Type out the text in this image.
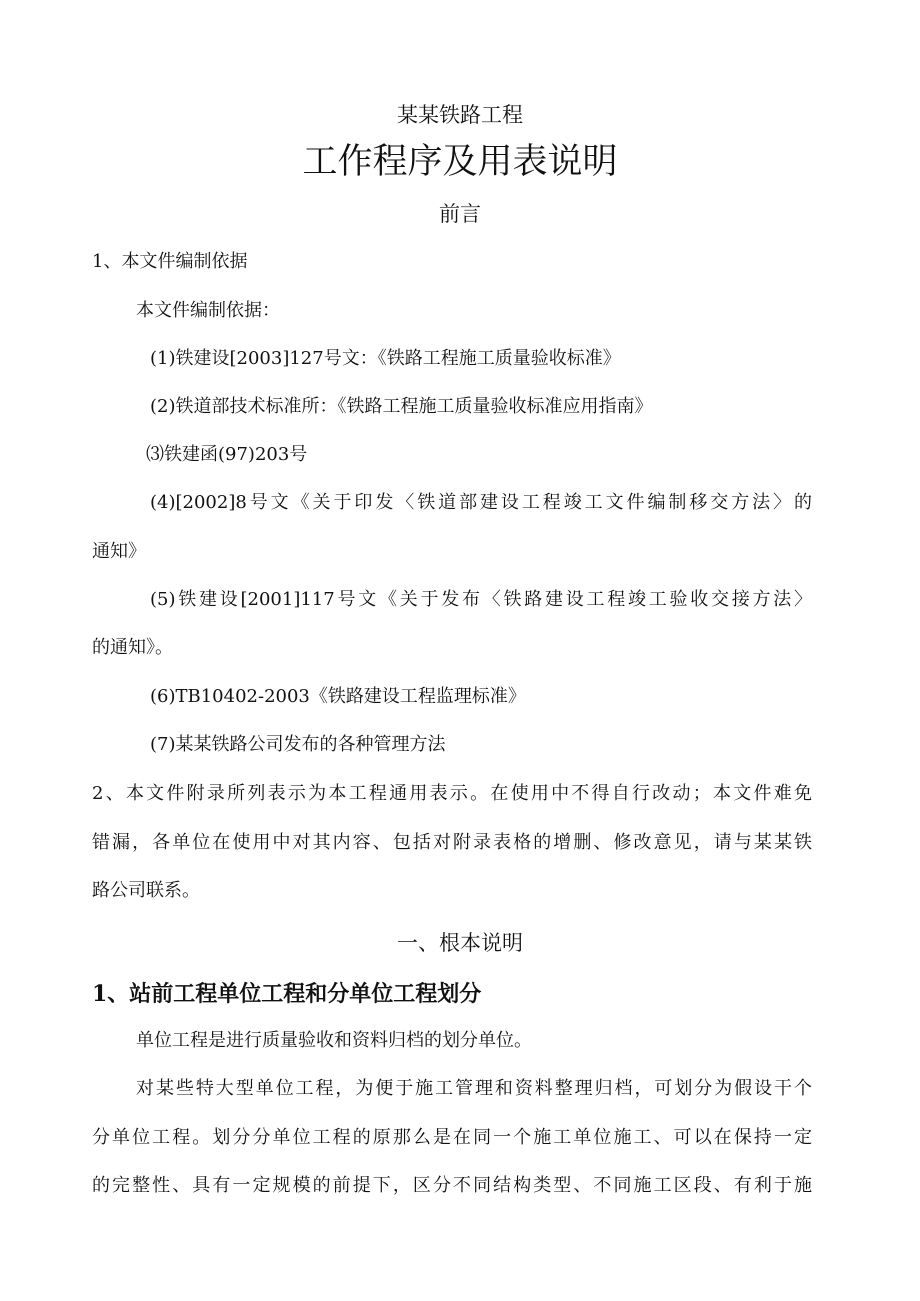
某某铁路工程
工作程序及用表说明
前言
1、本文件编制依据
本文件编制依据：
(1)铁建设[2003]127号文：《铁路工程施工质量验收标准》
(2)铁道部技术标准所：《铁路工程施工质量验收标准应用指南》
⑶铁建函(97)203号
(4)[2002]8号文《关于印发〈铁道部建设工程竣工文件编制移交方法〉的
通知》
(5)铁建设[2001]117号文《关于发布〈铁路建设工程竣工验收交接方法〉
的通知》。
(6)TB10402-2003《铁路建设工程监理标准》
(7)某某铁路公司发布的各种管理方法
2、本文件附录所列表示为本工程通用表示。在使用中不得自行改动；本文件难免
错漏，各单位在使用中对其内容、包括对附录表格的增删、修改意见，请与某某铁
路公司联系。
一、根本说明
1、站前工程单位工程和分单位工程划分
单位工程是进行质量验收和资料归档的划分单位。
对某些特大型单位工程，为便于施工管理和资料整理归档，可划分为假设干个
分单位工程。划分分单位工程的原那么是在同一个施工单位施工、可以在保持一定
的完整性、具有一定规模的前提下，区分不同结构类型、不同施工区段、有利于施
